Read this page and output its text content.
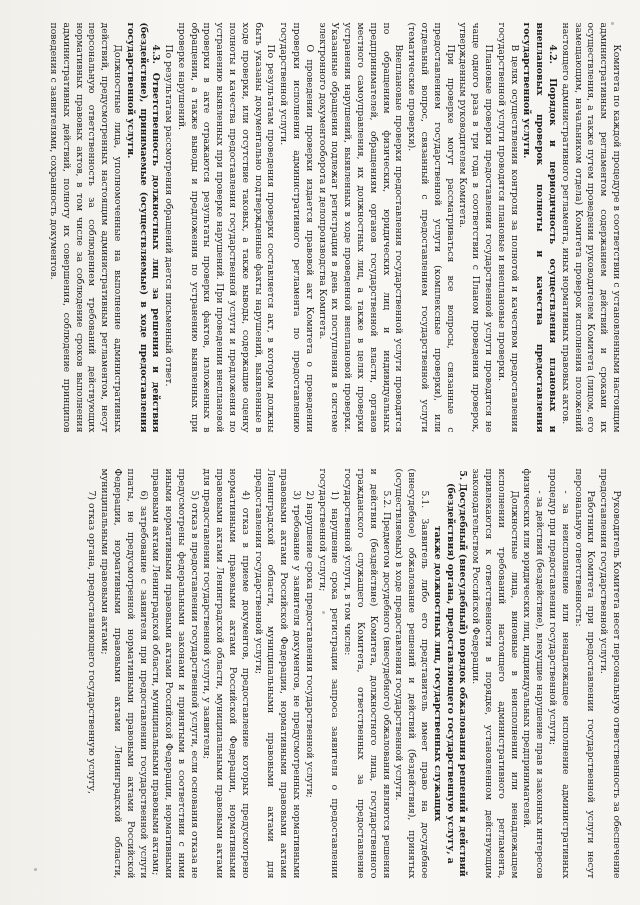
Комитета по каждой процедуре в соответствии с установленными настоящим административным регламентом содержанием действий и сроками их осуществления, а также путем проведения руководителем Комитета (лицом, его замещающим, начальником отдела) Комитета проверок исполнения положений настоящего административного регламента, иных нормативных правовых актов.

4.2. Порядок и периодичность осуществления плановых и внеплановых проверок полноты и качества предоставления государственной услуги.

В целях осуществления контроля за полнотой и качеством предоставления государственной услуги проводятся плановые и внеплановые проверки.

Плановые проверки предоставления государственной услуги проводятся не чаще одного раза в три года в соответствии с Планом проведения проверок, утвержденным руководителем Комитета.

При проверке могут рассматриваться все вопросы, связанные с предоставлением государственной услуги (комплексные проверки), или отдельный вопрос, связанный с предоставлением государственной услуги (тематические проверки).

Внеплановые проверки предоставления государственной услуги проводятся по обращениям физических, юридических лиц и индивидуальных предпринимателей, обращениям органов государственной власти, органов местного самоуправления, их должностных лиц, а также в целях проверки устранения нарушений, выявленных в ходе проведенной внеплановой проверки. Указанные обращения подлежат регистрации в день их поступления в системе электронного документооборота и делопроизводства Комитета.

О проведении проверки издается правовой акт Комитета о проведении проверки исполнения административного регламента по предоставлению государственной услуги.

По результатам проведения проверки составляется акт, в котором должны быть указаны документально подтвержденные факты нарушений, выявленные в ходе проверки, или отсутствие таковых, а также выводы, содержащие оценку полноты и качества предоставления государственной услуги и предложения по устранению выявленных при проверке нарушений. При проведении внеплановой проверки в акте отражаются результаты проверки фактов, изложенных в обращении, а также выводы и предложения по устранению выявленных при проверке нарушений.

По результатам рассмотрения обращений дается письменный ответ.

4.3. Ответственность должностных лиц за решения и действия (бездействие), принимаемые (осуществляемые) в ходе предоставления государственной услуги.

Должностные лица, уполномоченные на выполнение административных действий, предусмотренных настоящим административным регламентом, несут персональную ответственность за соблюдением требований действующих нормативных правовых актов, в том числе за соблюдение сроков выполнения административных действий, полноту их совершения, соблюдение принципов поведения с заявителями, сохранность документов.

Руководитель Комитета несет персональную ответственность за обеспечение предоставления государственной услуги.

Работники Комитета при предоставлении государственной услуги несут персональную ответственность:

- за неисполнение или ненадлежащее исполнение административных процедур при предоставлении государственной услуги;

- за действия (бездействие), влекущие нарушение прав и законных интересов физических или юридических лиц, индивидуальных предпринимателей.

Должностные лица, виновные в неисполнении или ненадлежащем исполнении требований настоящего административного регламента, привлекаются к ответственности в порядке, установленном действующим законодательством Российской Федерации.

5. Досудебный (внесудебный) порядок обжалования решений и действий (бездействия) органа, предоставляющего государственную услугу, а также должностных лиц, государственных служащих

5.1. Заявитель либо его представитель имеет право на досудебное (внесудебное) обжалование решений и действий (бездействия), принятых (осуществляемых) в ходе предоставления государственной услуги.

5.2. Предметом досудебного (внесудебного) обжалования являются решения и действия (бездействие) Комитета, должностного лица, государственного гражданского служащего Комитета, ответственных за предоставление государственной услуги, в том числе:

1) нарушение срока регистрации запроса заявителя о предоставлении государственной услуги;

2) нарушение срока предоставления государственной услуги;

3) требование у заявителя документов, не предусмотренных нормативными правовыми актами Российской Федерации, нормативными правовыми актами Ленинградской области, муниципальными правовыми актами для предоставления государственной услуги;

4) отказ в приеме документов, предоставление которых предусмотрено нормативными правовыми актами Российской Федерации, нормативными правовыми актами Ленинградской области, муниципальными правовыми актами для предоставления государственной услуги, у заявителя;

5) отказ в предоставлении государственной услуги, если основания отказа не предусмотрены федеральными законами и принятыми в соответствии с ними иными нормативными правовыми актами Российской Федерации, нормативными правовыми актами Ленинградской области, муниципальными правовыми актами;

6) затребование с заявителя при предоставлении государственной услуги платы, не предусмотренной нормативными правовыми актами Российской Федерации, нормативными правовыми актами Ленинградской области, муниципальными правовыми актами;

7) отказ органа, предоставляющего государственную услугу,
